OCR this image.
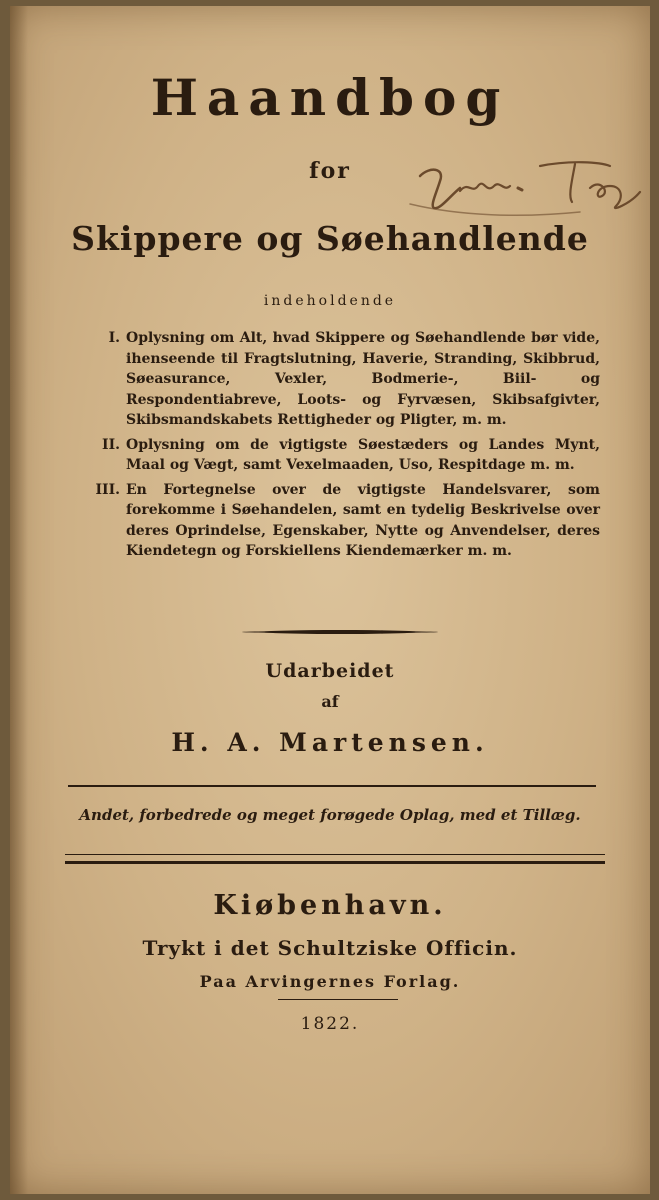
Haandbog
for
Skippere og Søehandlende
indeholdende
I. Oplysning om Alt, hvad Skippere og Søehandlende bør vide, ihenseende til Fragtslutning, Haverie, Stranding, Skibbrud, Søeasurance, Vexler, Bodmerie-, Biil- og Respondentiabreve, Loots- og Fyrvæsen, Skibsafgivter, Skibsmandskabets Rettigheder og Pligter, m. m.
II. Oplysning om de vigtigste Søestæders og Landes Mynt, Maal og Vægt, samt Vexelmaaden, Uso, Respitdage m. m.
III. En Fortegnelse over de vigtigste Handelsvarer, som forekomme i Søehandelen, samt en tydelig Beskrivelse over deres Oprindelse, Egenskaber, Nytte og Anvendelser, deres Kiendetegn og Forskiellens Kiendemærker m. m.
Udarbeidet
af
H. A. Martensen.
Andet, forbedrede og meget forøgede Oplag, med et Tillæg.
Kiøbenhavn.
Trykt i det Schultziske Officin.
Paa Arvingernes Forlag.
1822.
